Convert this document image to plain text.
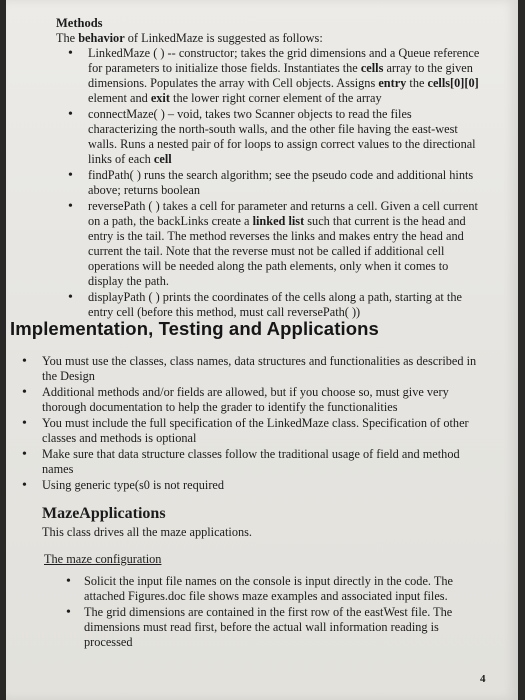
Methods
The behavior of LinkedMaze is suggested as follows:
• LinkedMaze ( ) -- constructor; takes the grid dimensions and a Queue reference for parameters to initialize those fields. Instantiates the cells array to the given dimensions. Populates the array with Cell objects. Assigns entry the cells[0][0] element and exit the lower right corner element of the array
• connectMaze( ) – void, takes two Scanner objects to read the files characterizing the north-south walls, and the other file having the east-west walls. Runs a nested pair of for loops to assign correct values to the directional links of each cell
• findPath( ) runs the search algorithm; see the pseudo code and additional hints above; returns boolean
• reversePath ( ) takes a cell for parameter and returns a cell. Given a cell current on a path, the backLinks create a linked list such that current is the head and entry is the tail. The method reverses the links and makes entry the head and current the tail. Note that the reverse must not be called if additional cell operations will be needed along the path elements, only when it comes to display the path.
• displayPath ( ) prints the coordinates of the cells along a path, starting at the entry cell (before this method, must call reversePath( ))
Implementation, Testing and Applications
• You must use the classes, class names, data structures and functionalities as described in the Design
• Additional methods and/or fields are allowed, but if you choose so, must give very thorough documentation to help the grader to identify the functionalities
• You must include the full specification of the LinkedMaze class. Specification of other classes and methods is optional
• Make sure that data structure classes follow the traditional usage of field and method names
• Using generic type(s0 is not required
MazeApplications
This class drives all the maze applications.
The maze configuration
• Solicit the input file names on the console is input directly in the code. The attached Figures.doc file shows maze examples and associated input files.
• The grid dimensions are contained in the first row of the eastWest file. The dimensions must read first, before the actual wall information reading is processed
4
